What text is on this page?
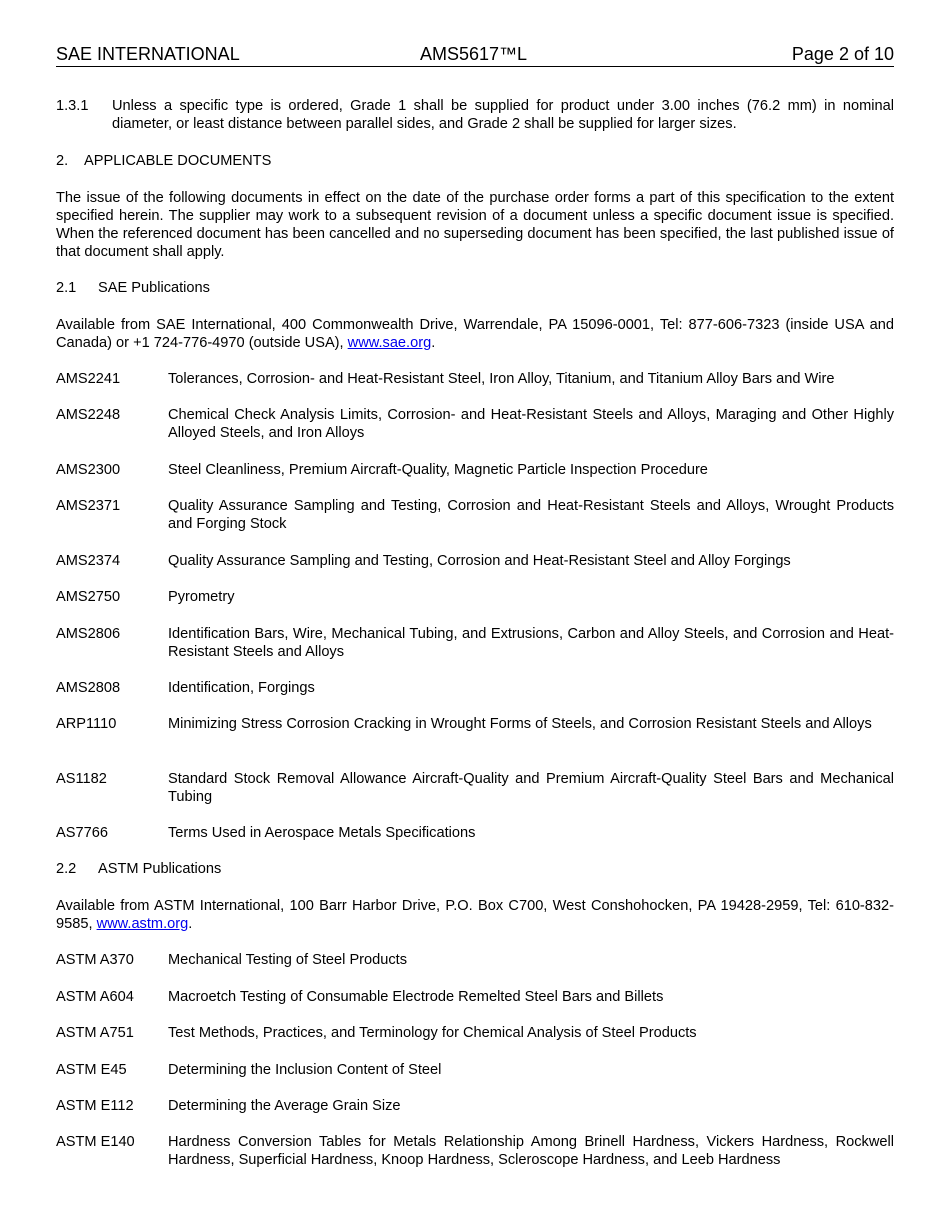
SAE INTERNATIONAL	AMS5617™L	Page 2 of 10
1.3.1 Unless a specific type is ordered, Grade 1 shall be supplied for product under 3.00 inches (76.2 mm) in nominal diameter, or least distance between parallel sides, and Grade 2 shall be supplied for larger sizes.
2. APPLICABLE DOCUMENTS
The issue of the following documents in effect on the date of the purchase order forms a part of this specification to the extent specified herein. The supplier may work to a subsequent revision of a document unless a specific document issue is specified. When the referenced document has been cancelled and no superseding document has been specified, the last published issue of that document shall apply.
2.1 SAE Publications
Available from SAE International, 400 Commonwealth Drive, Warrendale, PA 15096-0001, Tel: 877-606-7323 (inside USA and Canada) or +1 724-776-4970 (outside USA), www.sae.org.
AMS2241	Tolerances, Corrosion- and Heat-Resistant Steel, Iron Alloy, Titanium, and Titanium Alloy Bars and Wire
AMS2248	Chemical Check Analysis Limits, Corrosion- and Heat-Resistant Steels and Alloys, Maraging and Other Highly Alloyed Steels, and Iron Alloys
AMS2300	Steel Cleanliness, Premium Aircraft-Quality, Magnetic Particle Inspection Procedure
AMS2371	Quality Assurance Sampling and Testing, Corrosion and Heat-Resistant Steels and Alloys, Wrought Products and Forging Stock
AMS2374	Quality Assurance Sampling and Testing, Corrosion and Heat-Resistant Steel and Alloy Forgings
AMS2750	Pyrometry
AMS2806	Identification Bars, Wire, Mechanical Tubing, and Extrusions, Carbon and Alloy Steels, and Corrosion and Heat-Resistant Steels and Alloys
AMS2808	Identification, Forgings
ARP1110	Minimizing Stress Corrosion Cracking in Wrought Forms of Steels, and Corrosion Resistant Steels and Alloys
AS1182	Standard Stock Removal Allowance Aircraft-Quality and Premium Aircraft-Quality Steel Bars and Mechanical Tubing
AS7766	Terms Used in Aerospace Metals Specifications
2.2 ASTM Publications
Available from ASTM International, 100 Barr Harbor Drive, P.O. Box C700, West Conshohocken, PA 19428-2959, Tel: 610-832-9585, www.astm.org.
ASTM A370 Mechanical Testing of Steel Products
ASTM A604 Macroetch Testing of Consumable Electrode Remelted Steel Bars and Billets
ASTM A751 Test Methods, Practices, and Terminology for Chemical Analysis of Steel Products
ASTM E45	Determining the Inclusion Content of Steel
ASTM E112 Determining the Average Grain Size
ASTM E140 Hardness Conversion Tables for Metals Relationship Among Brinell Hardness, Vickers Hardness, Rockwell Hardness, Superficial Hardness, Knoop Hardness, Scleroscope Hardness, and Leeb Hardness
